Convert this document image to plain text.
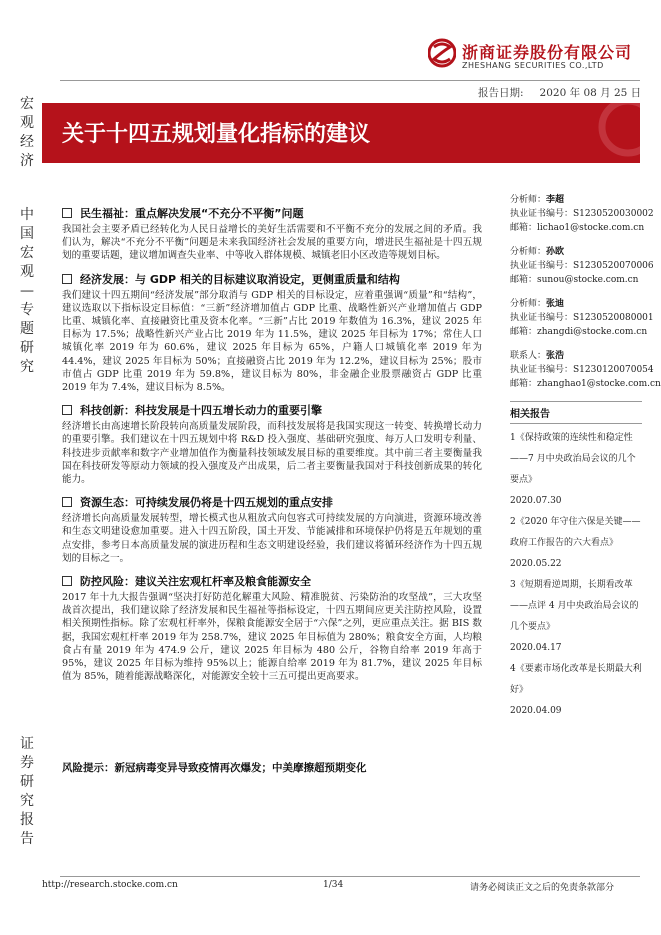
浙商证券股份有限公司
ZHESHANG SECURITIES CO.,LTD
报告日期: 2020 年 08 月 25 日
宏观经济
中国宏观—专题研究
证券研究报告
关于十四五规划量化指标的建议
民生福祉：重点解决发展“不充分不平衡”问题
我国社会主要矛盾已经转化为人民日益增长的美好生活需要和不平衡不充分的发展之间的矛盾。我们认为，解决“不充分不平衡”问题是未来我国经济社会发展的重要方向，增进民生福祉是十四五规划的重要话题，建议增加调查失业率、中等收入群体规模、城镇老旧小区改造等规划目标。
经济发展：与 GDP 相关的目标建议取消设定，更侧重质量和结构
我们建议十四五期间“经济发展”部分取消与 GDP 相关的目标设定，应着重强调“质量”和“结构”，建议选取以下指标设定目标值：“三新”经济增加值占 GDP 比重、战略性新兴产业增加值占 GDP 比重、城镇化率、直接融资比重及资本化率。“三新”占比 2019 年数值为 16.3%，建议 2025 年目标为 17.5%；战略性新兴产业占比 2019 年为 11.5%，建议 2025 年目标为 17%；常住人口城镇化率 2019 年为 60.6%，建议 2025 年目标为 65%，户籍人口城镇化率 2019 年为 44.4%，建议 2025 年目标为 50%；直接融资占比 2019 年为 12.2%，建议目标为 25%；股市市值占 GDP 比重 2019 年为 59.8%，建议目标为 80%，非金融企业股票融资占 GDP 比重 2019 年为 7.4%，建议目标为 8.5%。
科技创新：科技发展是十四五增长动力的重要引擎
经济增长由高速增长阶段转向高质量发展阶段，而科技发展将是我国实现这一转变、转换增长动力的重要引擎。我们建议在十四五规划中将 R&D 投入强度、基础研究强度、每万人口发明专利量、科技进步贡献率和数字产业增加值作为衡量科技领域发展目标的重要维度。其中前三者主要衡量我国在科技研发等原动力领域的投入强度及产出成果，后二者主要衡量我国对于科技创新成果的转化能力。
资源生态：可持续发展仍将是十四五规划的重点安排
经济增长向高质量发展转型，增长模式也从粗放式向包容式可持续发展的方向演进，资源环境改善和生态文明建设愈加重要。进入十四五阶段，国土开发、节能减排和环境保护仍将是五年规划的重点安排，参考日本高质量发展的演进历程和生态文明建设经验，我们建议将循环经济作为十四五规划的目标之一。
防控风险：建议关注宏观杠杆率及粮食能源安全
2017 年十九大报告强调“坚决打好防范化解重大风险、精准脱贫、污染防治的攻坚战”，三大攻坚战首次提出，我们建议除了经济发展和民生福祉等指标设定，十四五期间应更关注防控风险，设置相关预期性指标。除了宏观杠杆率外，保粮食能源安全居于“六保”之列，更应重点关注。据 BIS 数据，我国宏观杠杆率 2019 年为 258.7%，建议 2025 年目标值为 280%；粮食安全方面，人均粮食占有量 2019 年为 474.9 公斤，建议 2025 年目标为 480 公斤，谷物自给率 2019 年高于 95%，建议 2025 年目标为维持 95%以上；能源自给率 2019 年为 81.7%，建议 2025 年目标值为 85%，随着能源战略深化，对能源安全较十三五可提出更高要求。
风险提示：新冠病毒变异导致疫情再次爆发；中美摩擦超预期变化
分析师：李超
执业证书编号：S1230520030002
邮箱：lichao1@stocke.com.cn
分析师：孙欧
执业证书编号：S1230520070006
邮箱：sunou@stocke.com.cn
分析师：张迪
执业证书编号：S1230520080001
邮箱：zhangdi@stocke.com.cn
联系人：张浩
执业证书编号：S1230120070054
邮箱：zhanghao1@stocke.com.cn
相关报告
1《保持政策的连续性和稳定性——7 月中央政治局会议的几个要点》
2020.07.30
2《2020 年守住六保是关键——政府工作报告的六大看点》
2020.05.22
3《短期看逆周期，长期看改革——点评 4 月中央政治局会议的几个要点》
2020.04.17
4《要素市场化改革是长期最大利好》
2020.04.09
http://research.stocke.com.cn	1/34	请务必阅读正文之后的免责条款部分
